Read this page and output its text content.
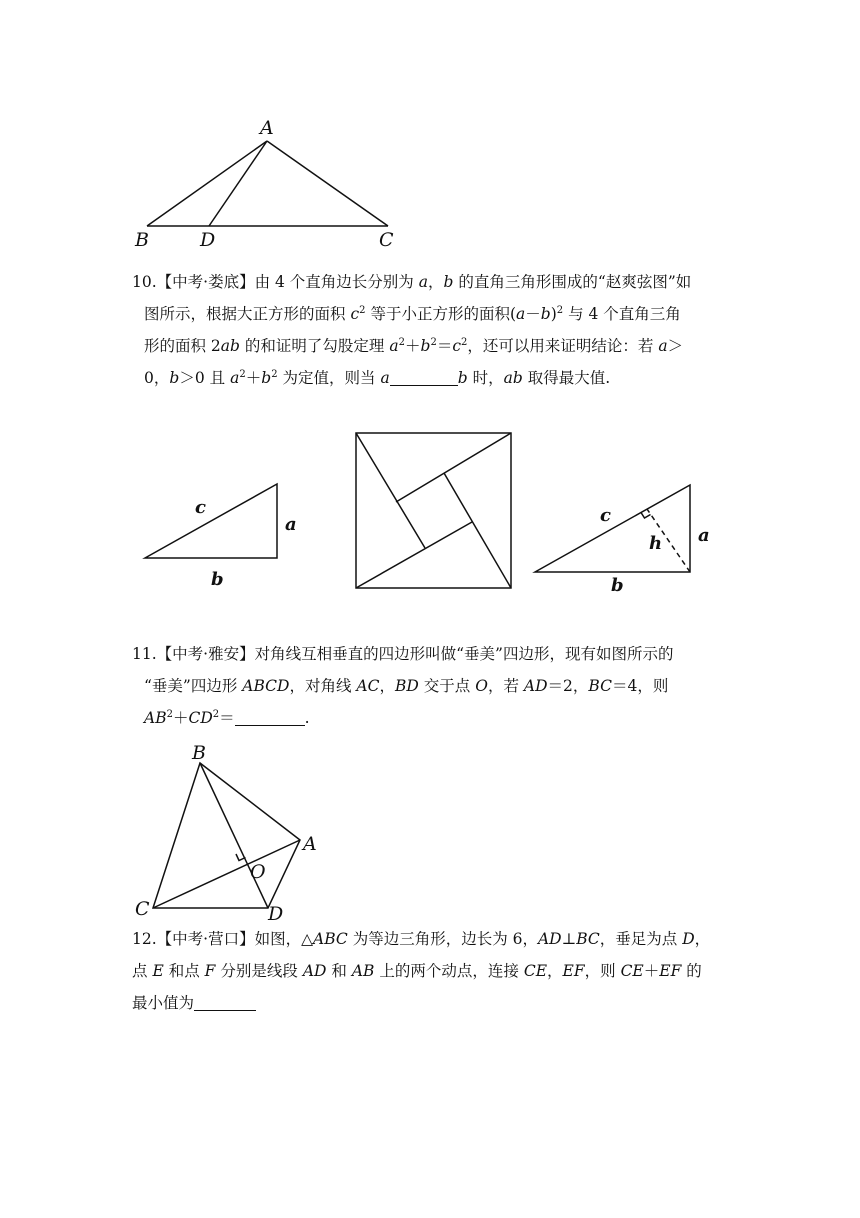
A
B	D	C

10.【中考·娄底】由 4 个直角边长分别为 a，b 的直角三角形围成的“赵爽弦图”如

图所示，根据大正方形的面积 $c^2$ 等于小正方形的面积$(a-b)^2$ 与 4 个直角三角

形的面积 2ab 的和证明了勾股定理 $a^2+b^2=c^2$，还可以用来证明结论：若 a＞

0，b＞0 且 $a^2+b^2$ 为定值，则当 a	b 时，ab 取得最大值.

c
a
b
c
h a
b

11.【中考·雅安】对角线互相垂直的四边形叫做“垂美”四边形，现有如图所示的

“垂美”四边形 ABCD，对角线 AC，BD 交于点 O，若 AD＝2，BC＝4，则

$AB^2+CD^2=$	.

B
A
O
C	D

12.【中考·营口】如图，△ABC 为等边三角形，边长为 6，AD⊥BC，垂足为点 D，

点 E 和点 F 分别是线段 AD 和 AB 上的两个动点，连接 CE，EF，则 CE＋EF 的

最小值为
